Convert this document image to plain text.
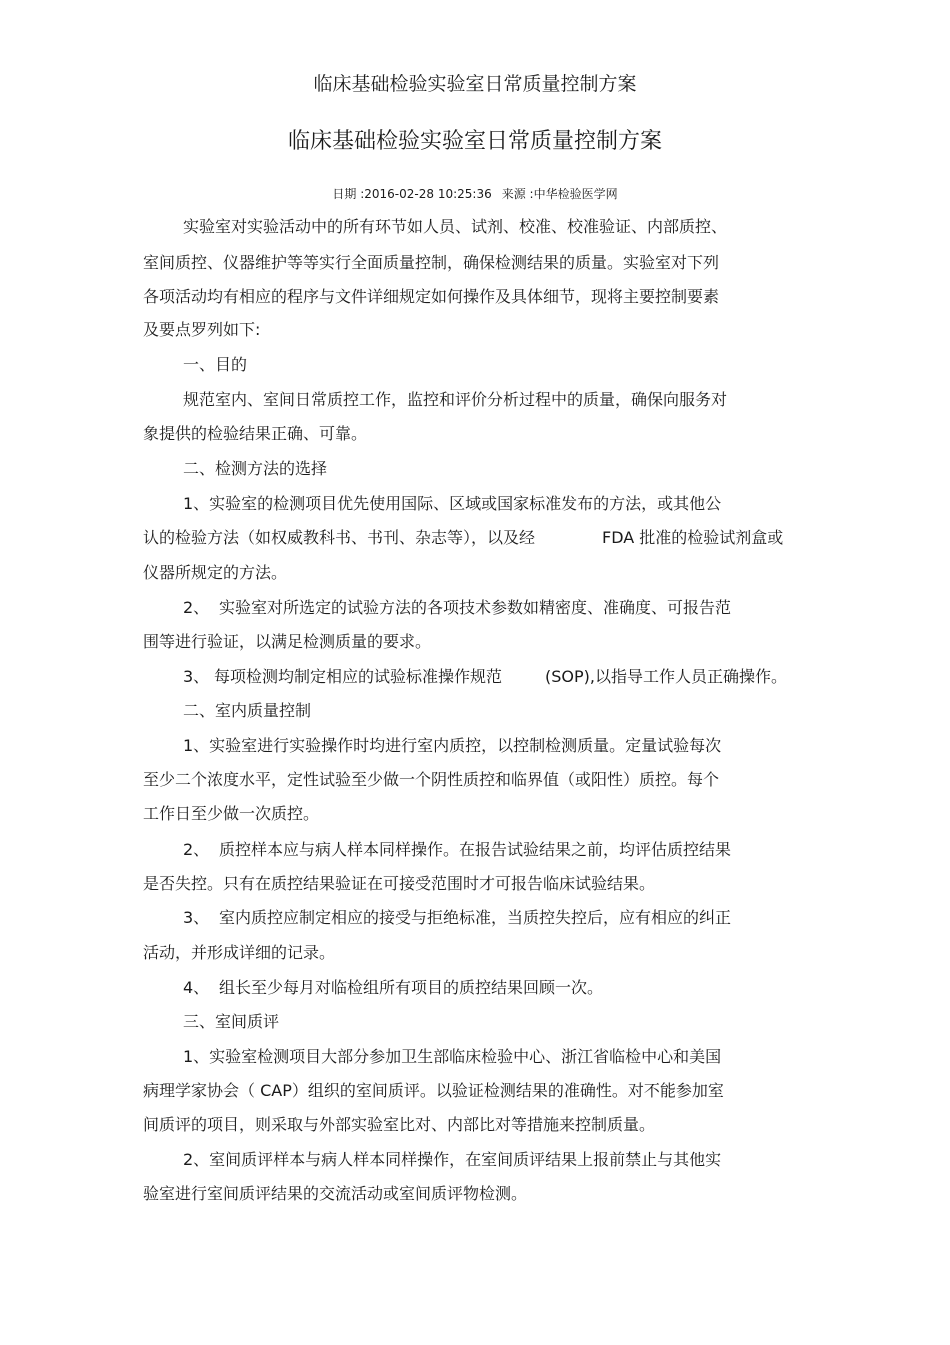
临床基础检验实验室日常质量控制方案
临床基础检验实验室日常质量控制方案
日期 :2016-02-28 10:25:36 来源 :中华检验医学网
实验室对实验活动中的所有环节如人员、试剂、校准、校准验证、内部质控、
室间质控、仪器维护等等实行全面质量控制，确保检测结果的质量。实验室对下列
各项活动均有相应的程序与文件详细规定如何操作及具体细节，现将主要控制要素
及要点罗列如下:
一、目的
规范室内、室间日常质控工作，监控和评价分析过程中的质量，确保向服务对
象提供的检验结果正确、可靠。
二、检测方法的选择
1、实验室的检测项目优先使用国际、区域或国家标准发布的方法，或其他公
认的检验方法（如权威教科书、书刊、杂志等），以及经	FDA 批准的检验试剂盒或
仪器所规定的方法。
2、 实验室对所选定的试验方法的各项技术参数如精密度、准确度、可报告范
围等进行验证，以满足检测质量的要求。
3、 每项检测均制定相应的试验标准操作规范	(SOP),以指导工作人员正确操作。
二、室内质量控制
1、实验室进行实验操作时均进行室内质控，以控制检测质量。定量试验每次
至少二个浓度水平，定性试验至少做一个阴性质控和临界值（或阳性）质控。每个
工作日至少做一次质控。
2、 质控样本应与病人样本同样操作。在报告试验结果之前，均评估质控结果
是否失控。只有在质控结果验证在可接受范围时才可报告临床试验结果。
3、 室内质控应制定相应的接受与拒绝标准，当质控失控后，应有相应的纠正
活动，并形成详细的记录。
4、 组长至少每月对临检组所有项目的质控结果回顾一次。
三、室间质评
1、实验室检测项目大部分参加卫生部临床检验中心、浙江省临检中心和美国
病理学家协会（ CAP）组织的室间质评。以验证检测结果的准确性。对不能参加室
间质评的项目，则采取与外部实验室比对、内部比对等措施来控制质量。
2、室间质评样本与病人样本同样操作，在室间质评结果上报前禁止与其他实
验室进行室间质评结果的交流活动或室间质评物检测。
